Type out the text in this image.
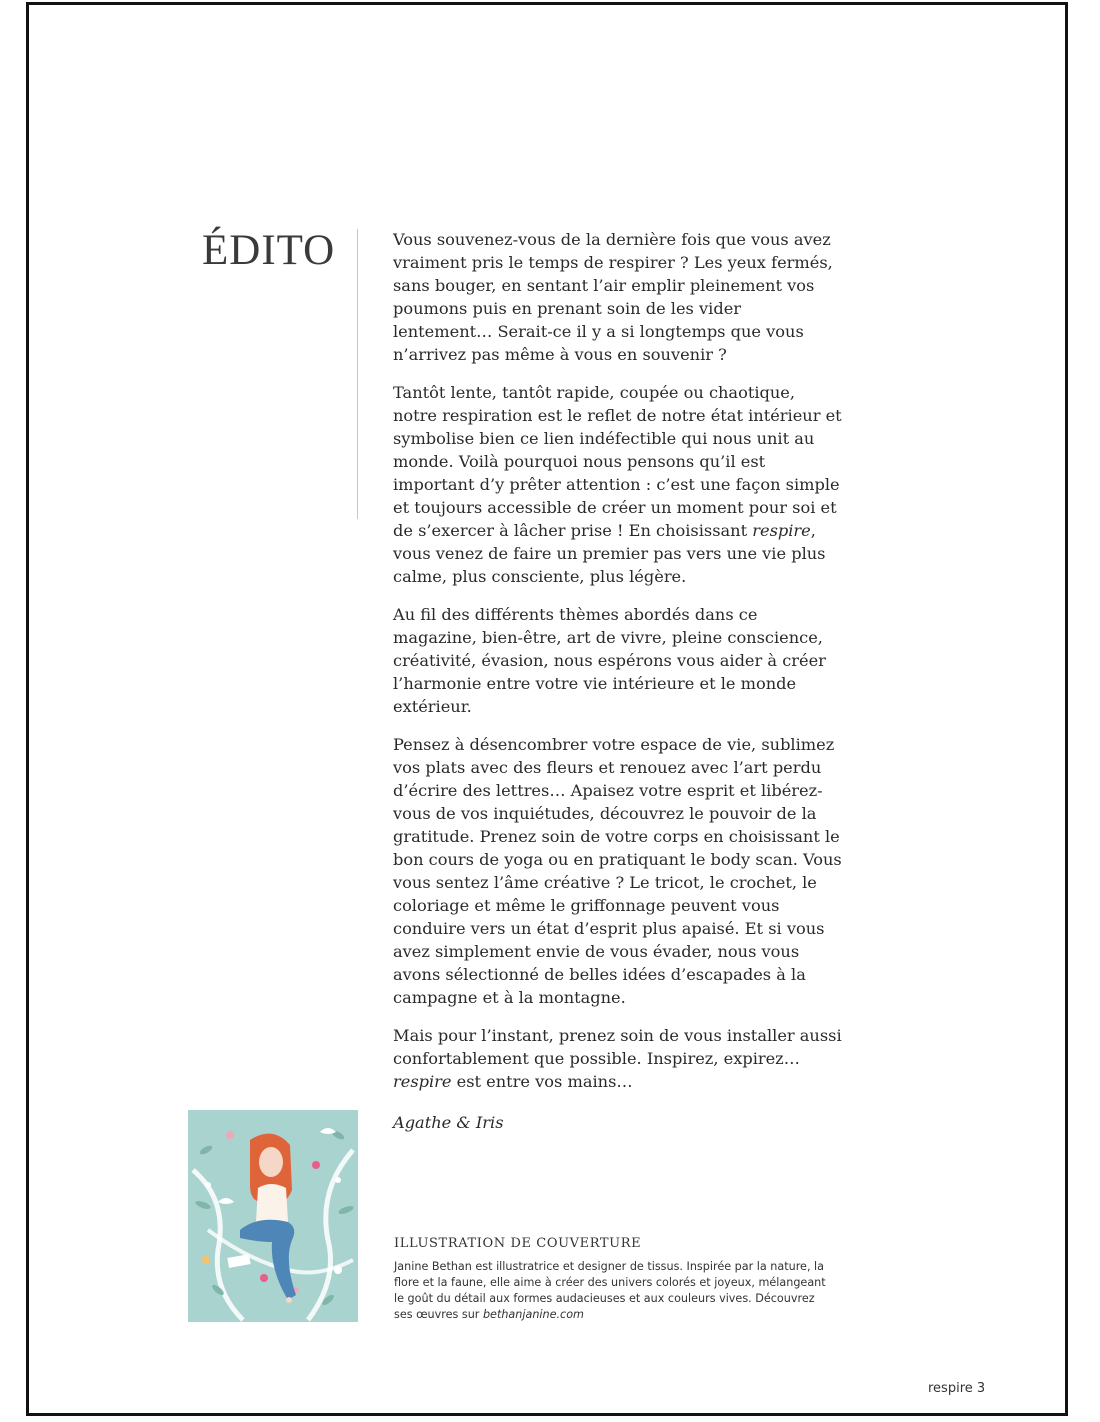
ÉDITO	Vous souvenez-vous de la dernière fois que vous avez vraiment pris le temps de respirer ? Les yeux fermés, sans bouger, en sentant l’air emplir pleinement vos poumons puis en prenant soin de les vider lentement… Serait-ce il y a si longtemps que vous n’arrivez pas même à vous en souvenir ?

Tantôt lente, tantôt rapide, coupée ou chaotique, notre respiration est le reflet de notre état intérieur et symbolise bien ce lien indéfectible qui nous unit au monde. Voilà pourquoi nous pensons qu’il est important d’y prêter attention : c’est une façon simple et toujours accessible de créer un moment pour soi et de s’exercer à lâcher prise ! En choisissant respire, vous venez de faire un premier pas vers une vie plus calme, plus consciente, plus légère.

Au fil des différents thèmes abordés dans ce magazine, bien-être, art de vivre, pleine conscience, créativité, évasion, nous espérons vous aider à créer l’harmonie entre votre vie intérieure et le monde extérieur.

Pensez à désencombrer votre espace de vie, sublimez vos plats avec des fleurs et renouez avec l’art perdu d’écrire des lettres… Apaisez votre esprit et libérez-vous de vos inquiétudes, découvrez le pouvoir de la gratitude. Prenez soin de votre corps en choisissant le bon cours de yoga ou en pratiquant le body scan. Vous vous sentez l’âme créative ? Le tricot, le crochet, le coloriage et même le griffonnage peuvent vous conduire vers un état d’esprit plus apaisé. Et si vous avez simplement envie de vous évader, nous vous avons sélectionné de belles idées d’escapades à la campagne et à la montagne.

Mais pour l’instant, prenez soin de vous installer aussi confortablement que possible. Inspirez, expirez… respire est entre vos mains…

Agathe & Iris

ILLUSTRATION DE COUVERTURE

Janine Bethan est illustratrice et designer de tissus. Inspirée par la nature, la flore et la faune, elle aime à créer des univers colorés et joyeux, mélangeant le goût du détail aux formes audacieuses et aux couleurs vives. Découvrez ses œuvres sur bethanjanine.com

respire 3
